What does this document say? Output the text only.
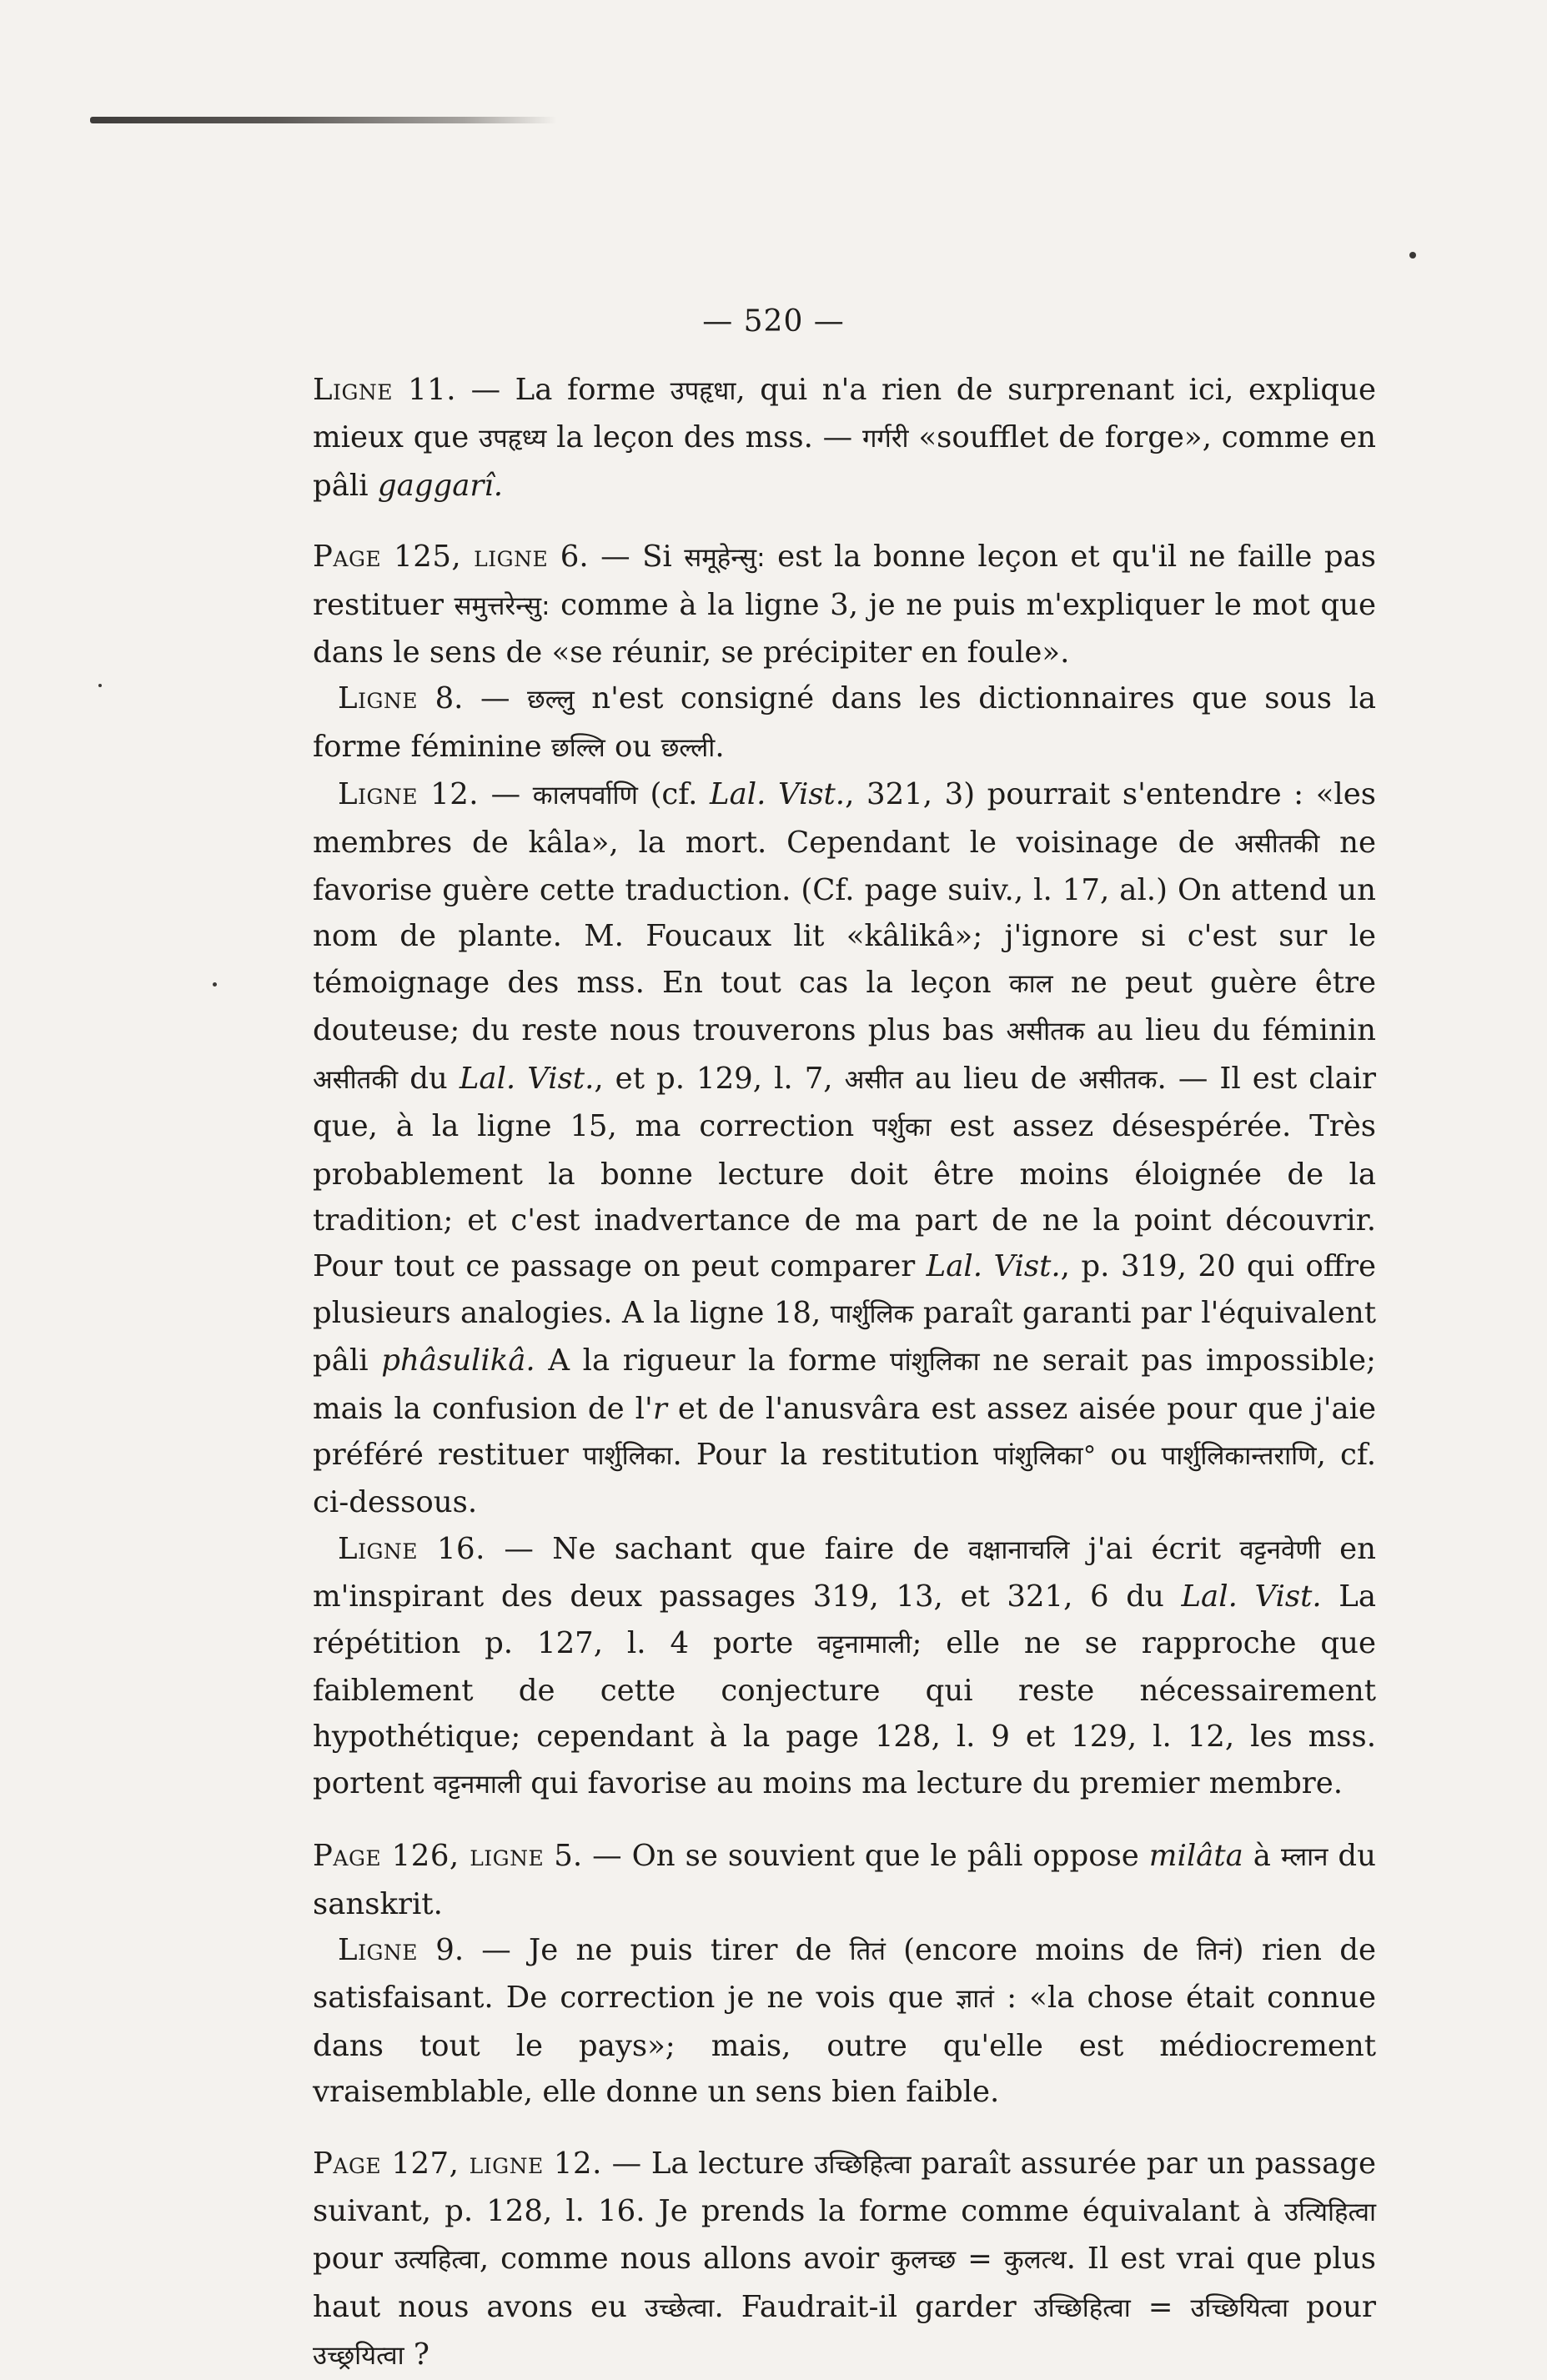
— 520 —

Ligne 11. — La forme उपहृधा, qui n'a rien de surprenant ici, explique mieux que उपहृध्य la leçon des mss. — गर्गरी «soufflet de forge», comme en pâli gaggarî.

Page 125, ligne 6. — Si समूहेन्सु: est la bonne leçon et qu'il ne faille pas restituer समुत्तरेन्सु: comme à la ligne 3, je ne puis m'expliquer le mot que dans le sens de «se réunir, se précipiter en foule».

Ligne 8. — छल्लु n'est consigné dans les dictionnaires que sous la forme féminine छल्लि ou छल्ली.

Ligne 12. — कालपर्वाणि (cf. Lal. Vist., 321, 3) pourrait s'entendre : «les membres de kâla», la mort. Cependant le voisinage de असीतकी ne favorise guère cette traduction. (Cf. page suiv., l. 17, al.) On attend un nom de plante. M. Foucaux lit «kâlikâ»; j'ignore si c'est sur le témoignage des mss. En tout cas la leçon काल ne peut guère être douteuse; du reste nous trouverons plus bas असीतक au lieu du féminin असीतकी du Lal. Vist., et p. 129, l. 7, असीत au lieu de असीतक. — Il est clair que, à la ligne 15, ma correction पर्शुका est assez désespérée. Très probablement la bonne lecture doit être moins éloignée de la tradition; et c'est inadvertance de ma part de ne la point découvrir. Pour tout ce passage on peut comparer Lal. Vist., p. 319, 20 qui offre plusieurs analogies. A la ligne 18, पार्शुलिक paraît garanti par l'équivalent pâli phâsulikâ. A la rigueur la forme पांशुलिका ne serait pas impossible; mais la confusion de l'r et de l'anusvâra est assez aisée pour que j'aie préféré restituer पार्शुलिका. Pour la restitution पांशुलिका° ou पार्शुलिकान्तराणि, cf. ci-dessous.

Ligne 16. — Ne sachant que faire de वक्षानाचलि j'ai écrit वट्टनवेणी en m'inspirant des deux passages 319, 13, et 321, 6 du Lal. Vist. La répétition p. 127, l. 4 porte वट्टनामाली; elle ne se rapproche que faiblement de cette conjecture qui reste nécessairement hypothétique; cependant à la page 128, l. 9 et 129, l. 12, les mss. portent वट्टनमाली qui favorise au moins ma lecture du premier membre.

Page 126, ligne 5. — On se souvient que le pâli oppose milâta à म्लान du sanskrit.

Ligne 9. — Je ne puis tirer de तितं (encore moins de तिनं) rien de satisfaisant. De correction je ne vois que ज्ञातं : «la chose était connue dans tout le pays»; mais, outre qu'elle est médiocrement vraisemblable, elle donne un sens bien faible.

Page 127, ligne 12. — La lecture उच्छिहित्वा paraît assurée par un passage suivant, p. 128, l. 16. Je prends la forme comme équivalant à उत्यिहित्वा pour उत्यहित्वा, comme nous allons avoir कुलच्छ = कुलत्थ. Il est vrai que plus haut nous avons eu उच्छेत्वा. Faudrait-il garder उच्छिहित्वा = उच्छियित्वा pour उच्छ्रयित्वा ?
